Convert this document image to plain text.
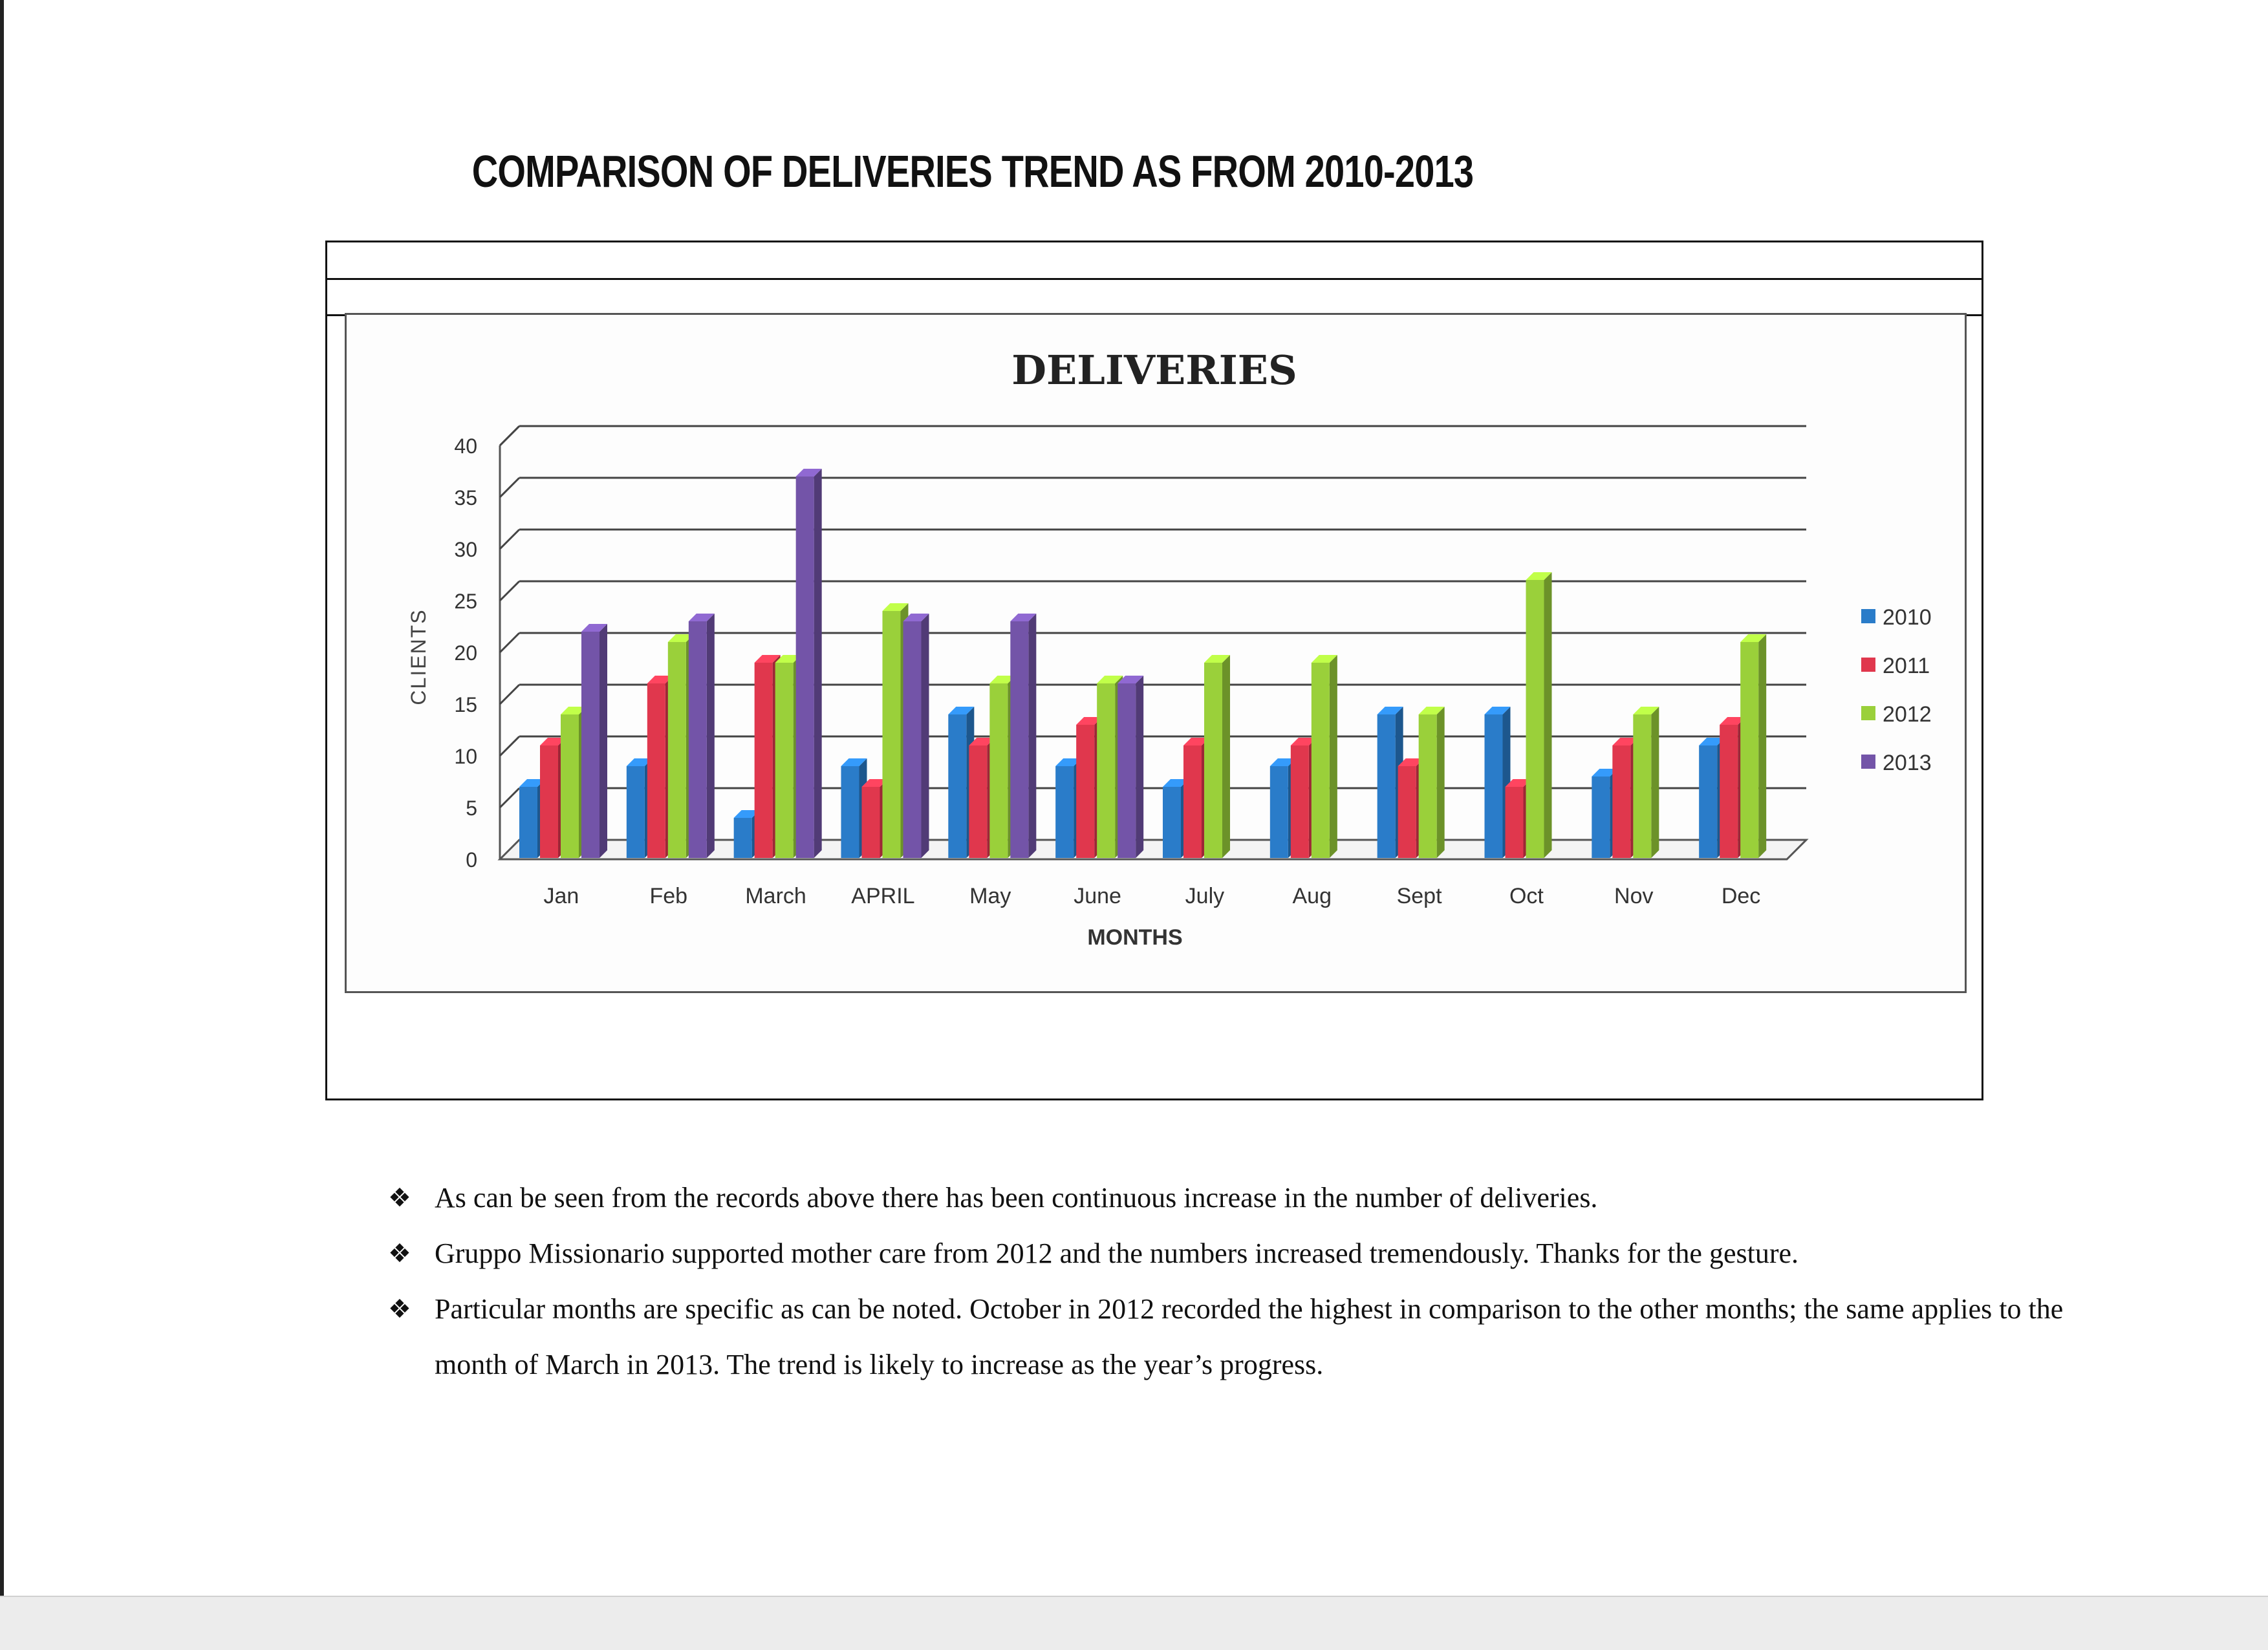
COMPARISON OF DELIVERIES TREND AS FROM 2010-2013
DELIVERIES
0
5
10
15
20
25
30
35
40
Jan	Feb	March APRIL May	June	July	Aug	Sept	Oct	Nov	Dec
MONTHS
CLIENTS	2010
2011
2012
2013
❖ As can be seen from the records above there has been continuous increase in the number of deliveries.
❖ Gruppo Missionario supported mother care from 2012 and the numbers increased tremendously. Thanks for the gesture.
❖ Particular months are specific as can be noted. October in 2012 recorded the highest in comparison to the other months; the same applies to the month of March in 2013. The trend is likely to increase as the year’s progress.
